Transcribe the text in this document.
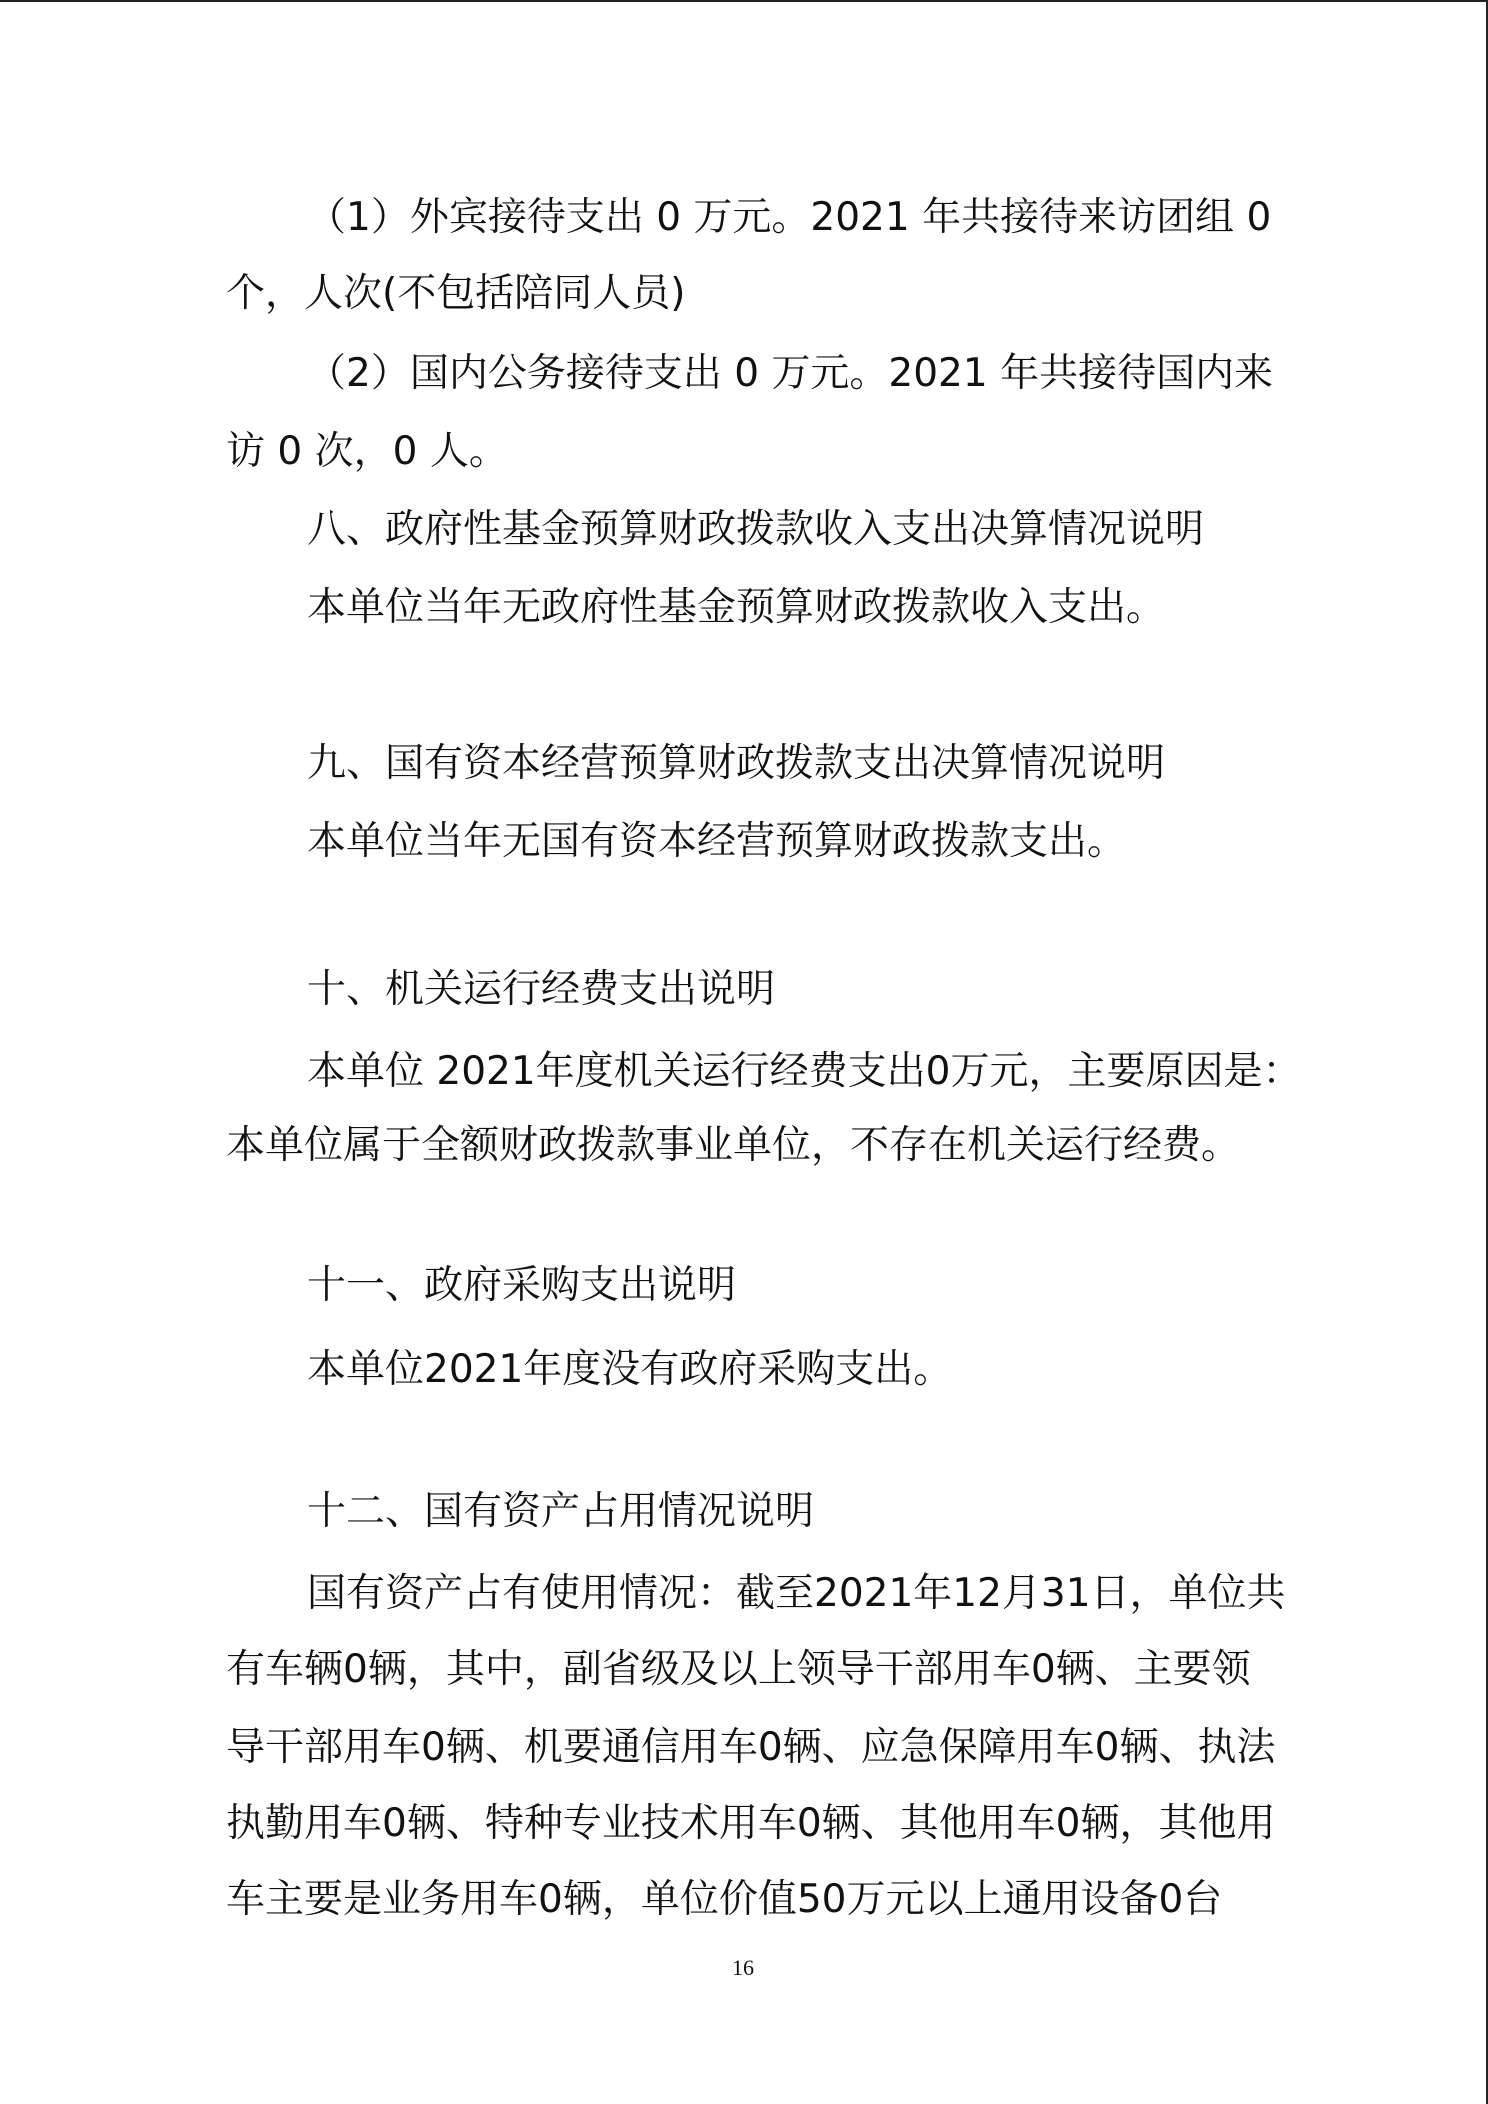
（1）外宾接待支出 0 万元。2021 年共接待来访团组 0
个，人次(不包括陪同人员)
（2）国内公务接待支出 0 万元。2021 年共接待国内来
访 0 次，0 人。
八、政府性基金预算财政拨款收入支出决算情况说明
本单位当年无政府性基金预算财政拨款收入支出。
九、国有资本经营预算财政拨款支出决算情况说明
本单位当年无国有资本经营预算财政拨款支出。
十、机关运行经费支出说明
本单位 2021年度机关运行经费支出0万元，主要原因是：
本单位属于全额财政拨款事业单位，不存在机关运行经费。
十一、政府采购支出说明
本单位2021年度没有政府采购支出。
十二、国有资产占用情况说明
国有资产占有使用情况：截至2021年12月31日，单位共
有车辆0辆，其中，副省级及以上领导干部用车0辆、主要领
导干部用车0辆、机要通信用车0辆、应急保障用车0辆、执法
执勤用车0辆、特种专业技术用车0辆、其他用车0辆，其他用
车主要是业务用车0辆，单位价值50万元以上通用设备0台
16
